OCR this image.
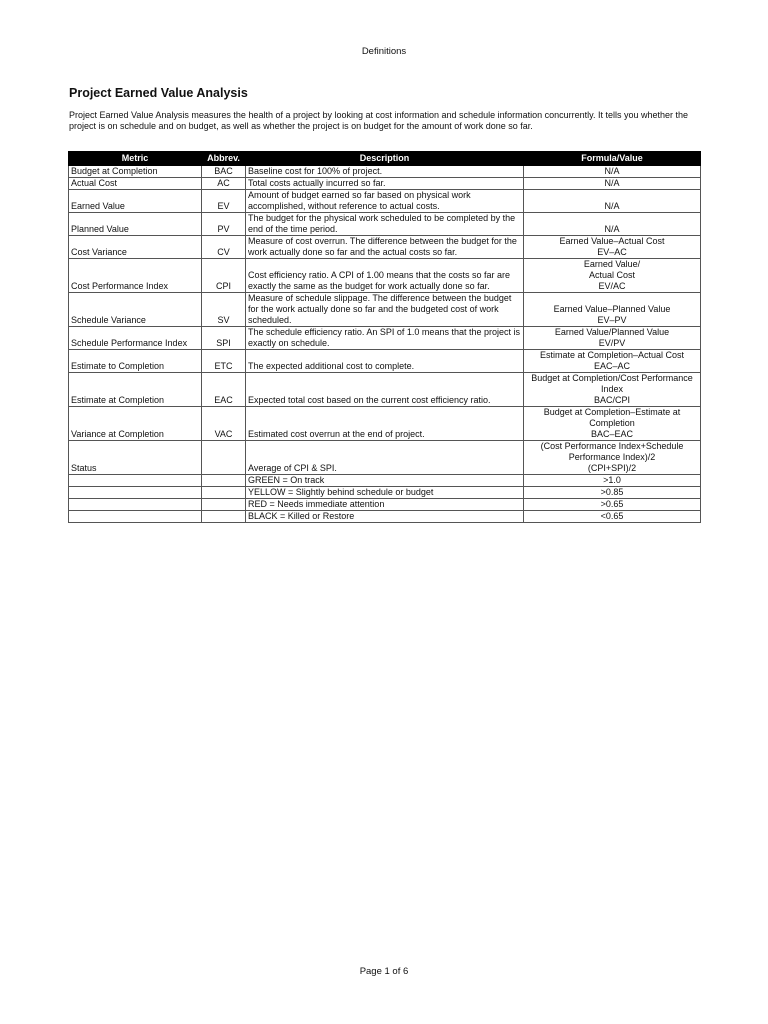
Definitions
Project Earned Value Analysis
Project Earned Value Analysis measures the health of a project by looking at cost information and schedule information concurrently. It tells you whether the project is on schedule and on budget, as well as whether the project is on budget for the amount of work done so far.
Metric	Abbrev.	Description	Formula/Value
Budget at Completion	BAC	Baseline cost for 100% of project.	N/A
Actual Cost	AC	Total costs actually incurred so far.	N/A
Earned Value	EV	Amount of budget earned so far based on physical work accomplished, without reference to actual costs.	N/A
Planned Value	PV	The budget for the physical work scheduled to be completed by the end of the time period.	N/A
Cost Variance	CV	Measure of cost overrun. The difference between the budget for the work actually done so far and the actual costs so far.	Earned Value–Actual Cost
EV–AC
Cost Performance Index	CPI	Cost efficiency ratio. A CPI of 1.00 means that the costs so far are exactly the same as the budget for work actually done so far.	Earned Value/
Actual Cost
EV/AC
Schedule Variance	SV	Measure of schedule slippage. The difference between the budget for the work actually done so far and the budgeted cost of work scheduled.	Earned Value–Planned Value
EV–PV
Schedule Performance Index	SPI	The schedule efficiency ratio. An SPI of 1.0 means that the project is exactly on schedule.	Earned Value/Planned Value
EV/PV
Estimate to Completion	ETC	The expected additional cost to complete.	Estimate at Completion–Actual Cost
EAC–AC
Estimate at Completion	EAC	Expected total cost based on the current cost efficiency ratio.	Budget at Completion/Cost Performance Index
BAC/CPI
Variance at Completion	VAC	Estimated cost overrun at the end of project.	Budget at Completion–Estimate at Completion
BAC–EAC
Status		Average of CPI & SPI.	(Cost Performance Index+Schedule Performance Index)/2
(CPI+SPI)/2
		GREEN = On track	>1.0
		YELLOW = Slightly behind schedule or budget	>0.85
		RED = Needs immediate attention	>0.65
		BLACK = Killed or Restore	<0.65
Page 1 of 6
